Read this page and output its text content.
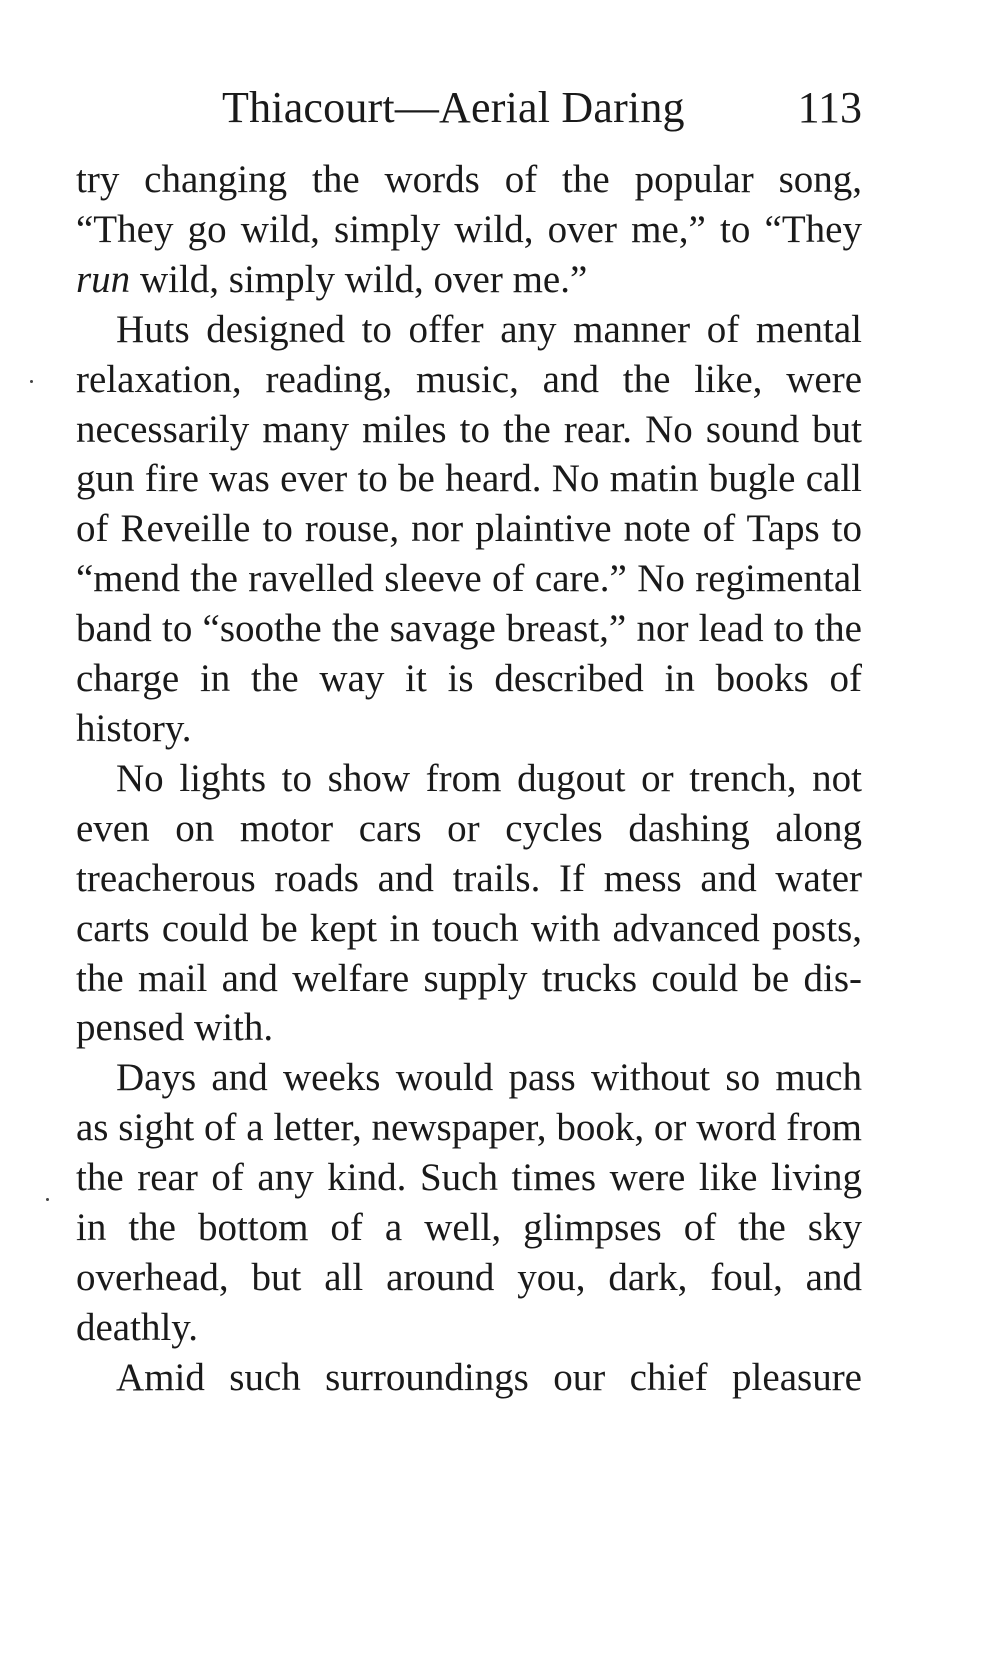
Thiacourt—Aerial Daring	113

try changing the words of the popular song, “They go wild, simply wild, over me,” to “They run wild, simply wild, over me.”

Huts designed to offer any manner of mental relaxation, reading, music, and the like, were necessarily many miles to the rear. No sound but gun fire was ever to be heard. No matin bugle call of Reveille to rouse, nor plaintive note of Taps to “mend the ravelled sleeve of care.” No regimental band to “soothe the savage breast,” nor lead to the charge in the way it is described in books of history.

No lights to show from dugout or trench, not even on motor cars or cycles dashing along treacherous roads and trails. If mess and water carts could be kept in touch with advanced posts, the mail and welfare supply trucks could be dis-pensed with.

Days and weeks would pass without so much as sight of a letter, newspaper, book, or word from the rear of any kind. Such times were like living in the bottom of a well, glimpses of the sky overhead, but all around you, dark, foul, and deathly.

Amid such surroundings our chief pleasure
